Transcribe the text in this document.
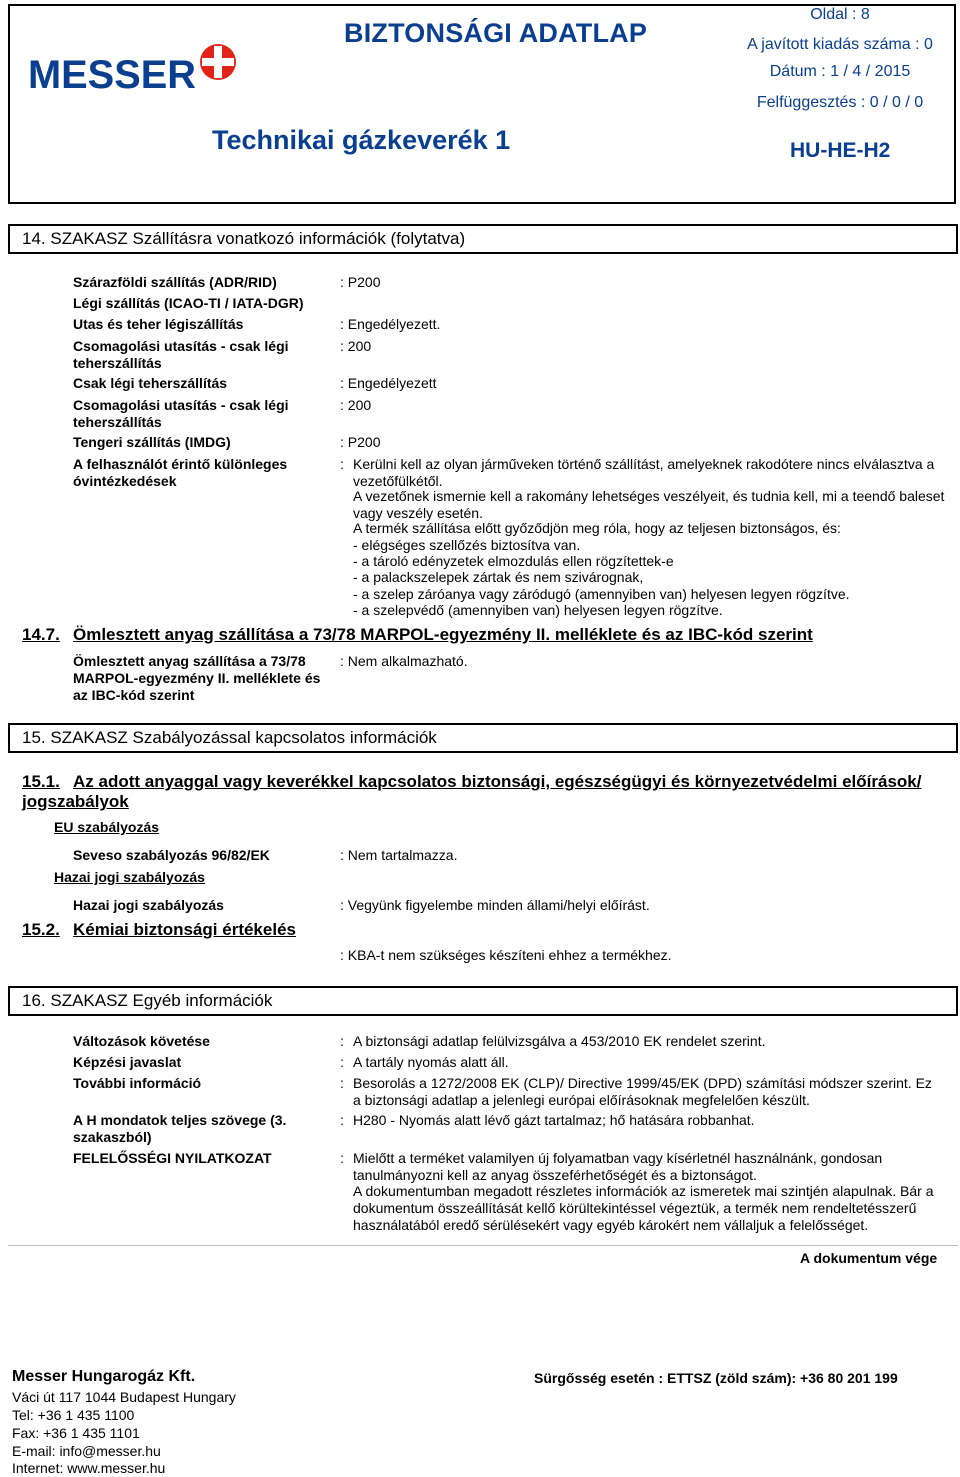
MESSER
BIZTONSÁGI ADATLAP
Oldal : 8
A javított kiadás száma : 0
Dátum : 1 / 4 / 2015
Felfüggesztés : 0 / 0 / 0
Technikai gázkeverék 1	HU-HE-H2
14. SZAKASZ Szállításra vonatkozó információk (folytatva)
Szárazföldi szállítás (ADR/RID)	: P200
Légi szállítás (ICAO-TI / IATA-DGR)
Utas és teher légiszállítás	: Engedélyezett.
Csomagolási utasítás - csak légi teherszállítás
: 200
Csak légi teherszállítás	: Engedélyezett
Csomagolási utasítás - csak légi teherszállítás
: 200
Tengeri szállítás (IMDG)	: P200
A felhasználót érintő különleges óvintézkedések
: Kerülni kell az olyan járműveken történő szállítást, amelyeknek rakodótere nincs elválasztva a vezetőfülkétől.
A vezetőnek ismernie kell a rakomány lehetséges veszélyeit, és tudnia kell, mi a teendő baleset vagy veszély esetén.
A termék szállítása előtt győződjön meg róla, hogy az teljesen biztonságos, és:
- elégséges szellőzés biztosítva van.
- a tároló edényzetek elmozdulás ellen rögzítettek-e
- a palackszelepek zártak és nem szivárognak,
- a szelep záróanya vagy záródugó (amennyiben van) helyesen legyen rögzítve.
- a szelepvédő (amennyiben van) helyesen legyen rögzítve.
14.7. Ömlesztett anyag szállítása a 73/78 MARPOL-egyezmény II. melléklete és az IBC-kód szerint
Ömlesztett anyag szállítása a 73/78 MARPOL-egyezmény II. melléklete és az IBC-kód szerint
: Nem alkalmazható.
15. SZAKASZ Szabályozással kapcsolatos információk
15.1. Az adott anyaggal vagy keverékkel kapcsolatos biztonsági, egészségügyi és környezetvédelmi előírások/ jogszabályok
EU szabályozás
Seveso szabályozás 96/82/EK	: Nem tartalmazza.
Hazai jogi szabályozás
Hazai jogi szabályozás	: Vegyünk figyelembe minden állami/helyi előírást.
15.2. Kémiai biztonsági értékelés
: KBA-t nem szükséges készíteni ehhez a termékhez.
16. SZAKASZ Egyéb információk
Változások követése	: A biztonsági adatlap felülvizsgálva a 453/2010 EK rendelet szerint.
Képzési javaslat	: A tartály nyomás alatt áll.
További információ	: Besorolás a 1272/2008 EK (CLP)/ Directive 1999/45/EK (DPD) számítási módszer szerint. Ez a biztonsági adatlap a jelenlegi európai előírásoknak megfelelően készült.
A H mondatok teljes szövege (3. szakaszból)
: H280 - Nyomás alatt lévő gázt tartalmaz; hő hatására robbanhat.
FELELŐSSÉGI NYILATKOZAT	: Mielőtt a terméket valamilyen új folyamatban vagy kísérletnél használnánk, gondosan tanulmányozni kell az anyag összeférhetőségét és a biztonságot.
A dokumentumban megadott részletes információk az ismeretek mai szintjén alapulnak. Bár a dokumentum összeállítását kellő körültekintéssel végeztük, a termék nem rendeltetésszerű használatából eredő sérülésekért vagy egyéb károkért nem vállaljuk a felelősséget.
A dokumentum vége
Messer Hungarogáz Kft.
Váci út 117 1044 Budapest Hungary
Tel: +36 1 435 1100
Fax: +36 1 435 1101
E-mail: info@messer.hu
Internet: www.messer.hu
Sürgősség esetén : ETTSZ (zöld szám): +36 80 201 199
